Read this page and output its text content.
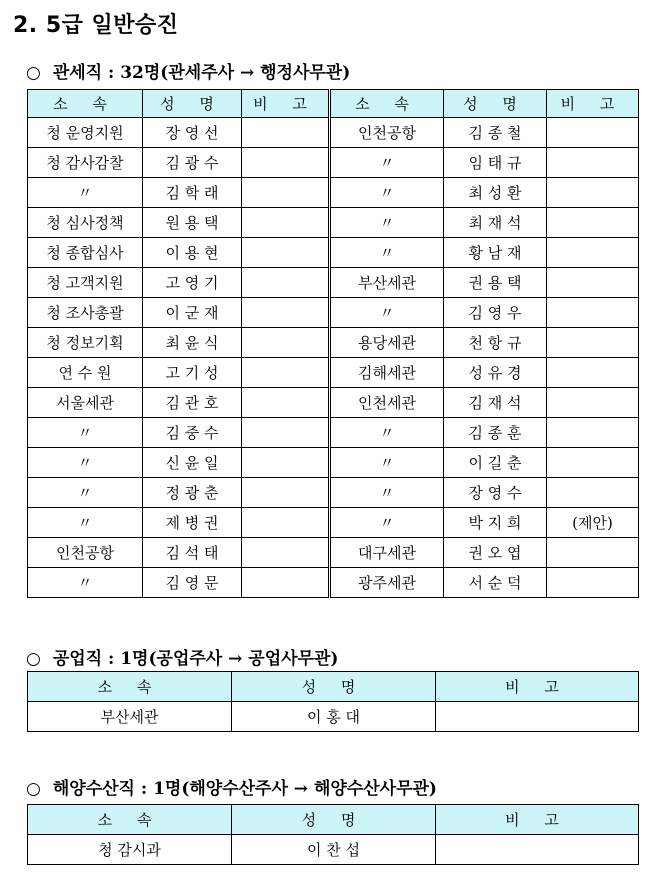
2. 5급 일반승진
○ 관세직 : 32명(관세주사 → 행정사무관)
소 속	성 명	비 고	소 속	성 명	비 고
청 운영지원	장 영 선		인천공항	김 종 철	
청 감사감찰	김 광 수		〃	임 태 규	
〃	김 학 래		〃	최 성 환	
청 심사정책	원 용 택		〃	최 재 석	
청 종합심사	이 용 현		〃	황 남 재	
청 고객지원	고 영 기		부산세관	권 용 택	
청 조사총괄	이 군 재		〃	김 영 우	
청 정보기획	최 윤 식		용당세관	천 항 규	
연 수 원	고 기 성		김해세관	성 유 경	
서울세관	김 관 호		인천세관	김 재 석	
〃	김 중 수		〃	김 종 훈	
〃	신 윤 일		〃	이 길 춘	
〃	정 광 춘		〃	장 영 수	
〃	제 병 권		〃	박 지 희	(제안)
인천공항	김 석 태		대구세관	권 오 엽	
〃	김 영 문		광주세관	서 순 덕	
○ 공업직 : 1명(공업주사 → 공업사무관)
소 속	성 명	비 고
부산세관	이 홍 대	
○ 해양수산직 : 1명(해양수산주사 → 해양수산사무관)
소 속	성 명	비 고
청 감시과	이 찬 섭	
